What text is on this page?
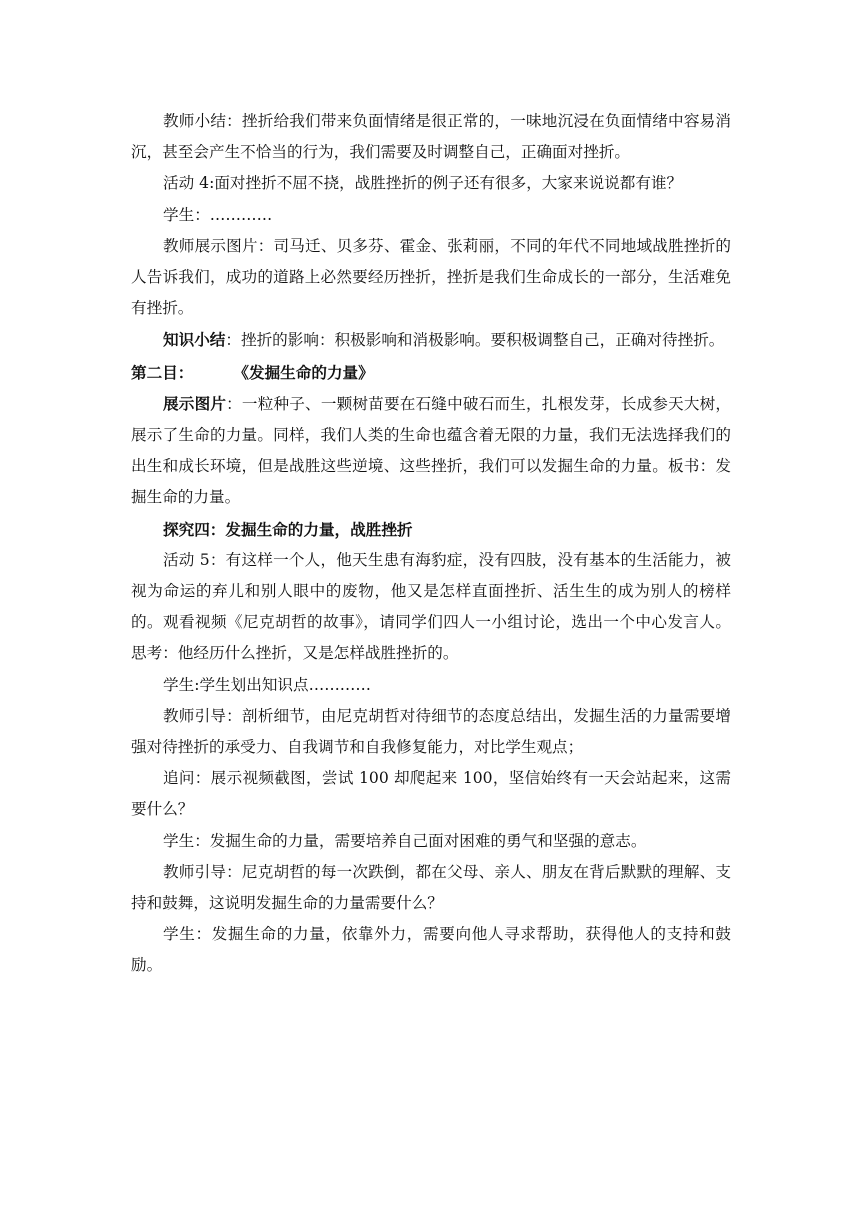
教师小结：挫折给我们带来负面情绪是很正常的，一味地沉浸在负面情绪中容易消沉，甚至会产生不恰当的行为，我们需要及时调整自己，正确面对挫折。

活动 4:面对挫折不屈不挠，战胜挫折的例子还有很多，大家来说说都有谁？

学生：…………

教师展示图片：司马迁、贝多芬、霍金、张莉丽，不同的年代不同地域战胜挫折的人告诉我们，成功的道路上必然要经历挫折，挫折是我们生命成长的一部分，生活难免有挫折。

知识小结：挫折的影响：积极影响和消极影响。要积极调整自己，正确对待挫折。

第二目：	《发掘生命的力量》

展示图片：一粒种子、一颗树苗要在石缝中破石而生，扎根发芽，长成参天大树，展示了生命的力量。同样，我们人类的生命也蕴含着无限的力量，我们无法选择我们的出生和成长环境，但是战胜这些逆境、这些挫折，我们可以发掘生命的力量。板书：发掘生命的力量。

探究四：发掘生命的力量，战胜挫折

活动 5：有这样一个人，他天生患有海豹症，没有四肢，没有基本的生活能力，被视为命运的弃儿和别人眼中的废物，他又是怎样直面挫折、活生生的成为别人的榜样的。观看视频《尼克胡哲的故事》，请同学们四人一小组讨论，选出一个中心发言人。思考：他经历什么挫折，又是怎样战胜挫折的。

学生:学生划出知识点…………

教师引导：剖析细节，由尼克胡哲对待细节的态度总结出，发掘生活的力量需要增强对待挫折的承受力、自我调节和自我修复能力，对比学生观点；

追问：展示视频截图，尝试 100 却爬起来 100，坚信始终有一天会站起来，这需要什么？

学生：发掘生命的力量，需要培养自己面对困难的勇气和坚强的意志。

教师引导：尼克胡哲的每一次跌倒，都在父母、亲人、朋友在背后默默的理解、支持和鼓舞，这说明发掘生命的力量需要什么？

学生：发掘生命的力量，依靠外力，需要向他人寻求帮助，获得他人的支持和鼓励。
